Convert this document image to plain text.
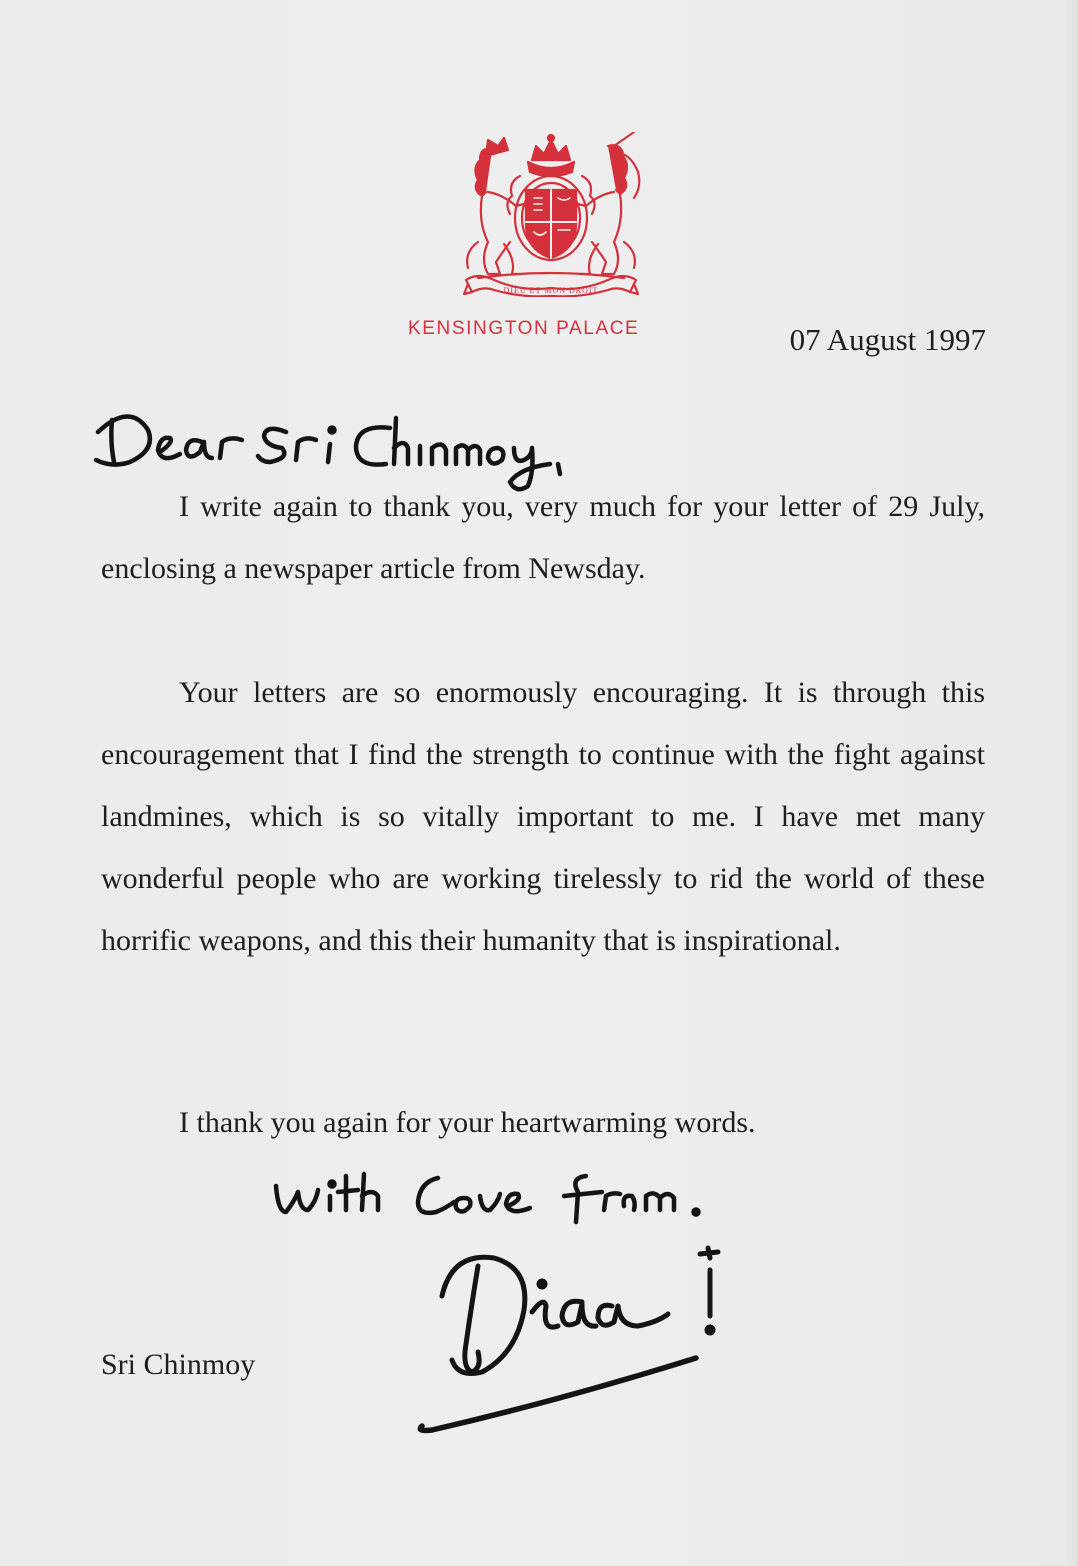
DIEU ET MON DROIT
KENSINGTON PALACE	07 August 1997

I write again to thank you, very much for your letter of 29 July, enclosing a newspaper article from Newsday.

Your letters are so enormously encouraging. It is through this encouragement that I find the strength to continue with the fight against landmines, which is so vitally important to me. I have met many wonderful people who are working tirelessly to rid the world of these horrific weapons, and this their humanity that is inspirational.

I thank you again for your heartwarming words.

Sri Chinmoy
